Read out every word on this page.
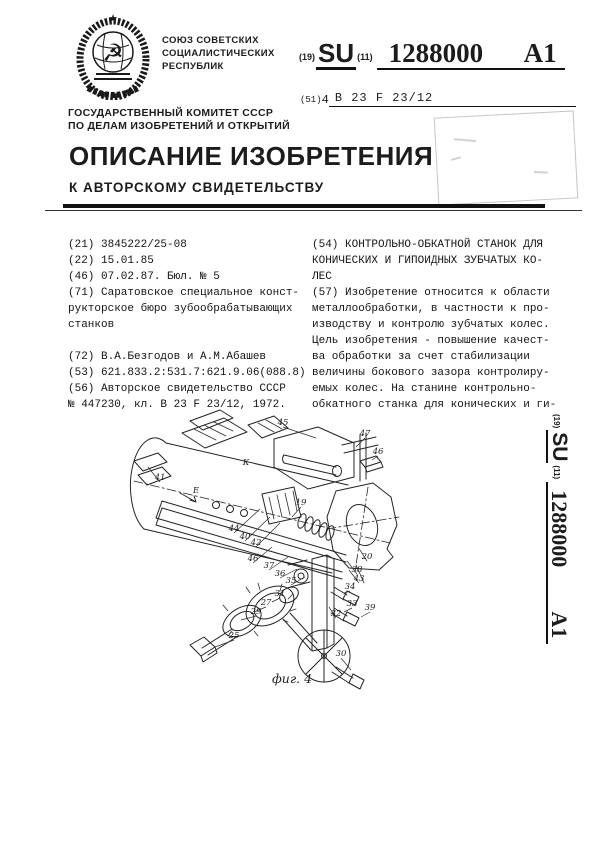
☭
★
СОЮЗ СОВЕТСКИХ
СОЦИАЛИСТИЧЕСКИХ
РЕСПУБЛИК
(19) SU (11) 1288000 A1
(51) 4 B 23 F 23/12
ГОСУДАРСТВЕННЫЙ КОМИТЕТ СССР
ПО ДЕЛАМ ИЗОБРЕТЕНИЙ И ОТКРЫТИЙ
ОПИСАНИЕ ИЗОБРЕТЕНИЯ
К АВТОРСКОМУ СВИДЕТЕЛЬСТВУ
(21) 3845222/25-08
(22) 15.01.85
(46) 07.02.87. Бюл. № 5
(71) Саратовское специальное конст-
рукторское бюро зубообрабатывающих
станков

(72) В.А.Безгодов и А.М.Абашев
(53) 621.833.2:531.7:621.9.06(088.8)
(56) Авторское свидетельство СССР
№ 447230, кл. В 23 F 23/12, 1972.
(54) КОНТРОЛЬНО-ОБКАТНОЙ СТАНОК ДЛЯ
КОНИЧЕСКИХ И ГИПОИДНЫХ ЗУБЧАТЫХ КО-
ЛЕС
(57) Изобретение относится к области
металлообработки, в частности к про-
изводству и контролю зубчатых колес.
Цель изобретения - повышение качест-
ва обработки за счет стабилизации
величины бокового зазора контролиру-
емых колес. На станине контрольно-
обкатного станка для конических и ги-
45
47
46
41
Е
К
19
44
40
42
46
37
36
35
20
38
43
34
33 39
31
27
29
25
32
30
фиг. 4
(19)
SU
(11)
1288000
A1
